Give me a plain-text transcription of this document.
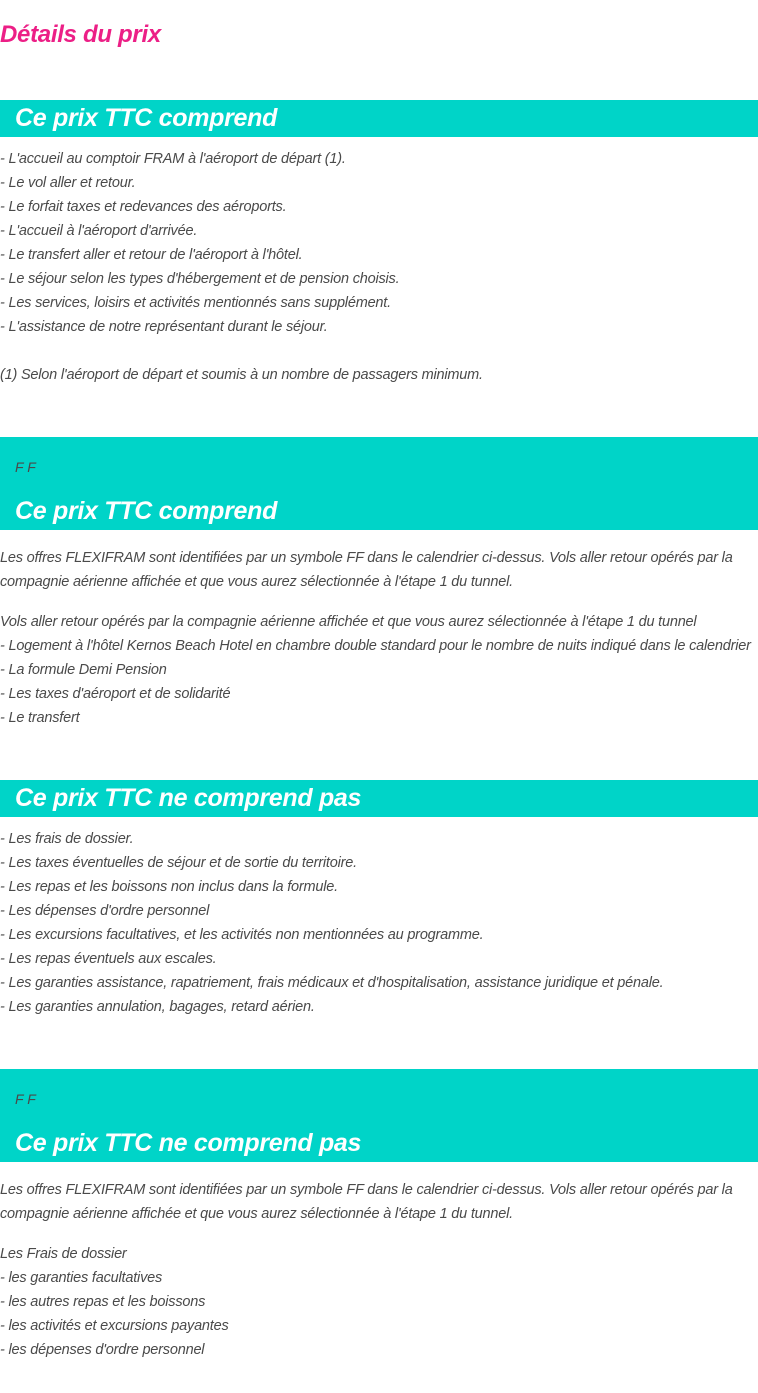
Détails du prix
Ce prix TTC comprend
- L'accueil au comptoir FRAM à l'aéroport de départ (1).
- Le vol aller et retour.
- Le forfait taxes et redevances des aéroports.
- L'accueil à l'aéroport d'arrivée.
- Le transfert aller et retour de l'aéroport à l'hôtel.
- Le séjour selon les types d'hébergement et de pension choisis.
- Les services, loisirs et activités mentionnés sans supplément.
- L'assistance de notre représentant durant le séjour.
(1) Selon l'aéroport de départ et soumis à un nombre de passagers minimum.
F F
Ce prix TTC comprend

Les offres FLEXIFRAM sont identifiées par un symbole FF dans le calendrier ci-dessus. Vols aller retour opérés par la compagnie aérienne affichée et que vous aurez sélectionnée à l'étape 1 du tunnel.

Vols aller retour opérés par la compagnie aérienne affichée et que vous aurez sélectionnée à l'étape 1 du tunnel
- Logement à l'hôtel Kernos Beach Hotel en chambre double standard pour le nombre de nuits indiqué dans le calendrier
- La formule Demi Pension
- Les taxes d'aéroport et de solidarité
- Le transfert
Ce prix TTC ne comprend pas
- Les frais de dossier.
- Les taxes éventuelles de séjour et de sortie du territoire.
- Les repas et les boissons non inclus dans la formule.
- Les dépenses d'ordre personnel
- Les excursions facultatives, et les activités non mentionnées au programme.
- Les repas éventuels aux escales.
- Les garanties assistance, rapatriement, frais médicaux et d'hospitalisation, assistance juridique et pénale.
- Les garanties annulation, bagages, retard aérien.
F F
Ce prix TTC ne comprend pas

Les offres FLEXIFRAM sont identifiées par un symbole FF dans le calendrier ci-dessus. Vols aller retour opérés par la compagnie aérienne affichée et que vous aurez sélectionnée à l'étape 1 du tunnel.

Les Frais de dossier
- les garanties facultatives
- les autres repas et les boissons
- les activités et excursions payantes
- les dépenses d'ordre personnel
